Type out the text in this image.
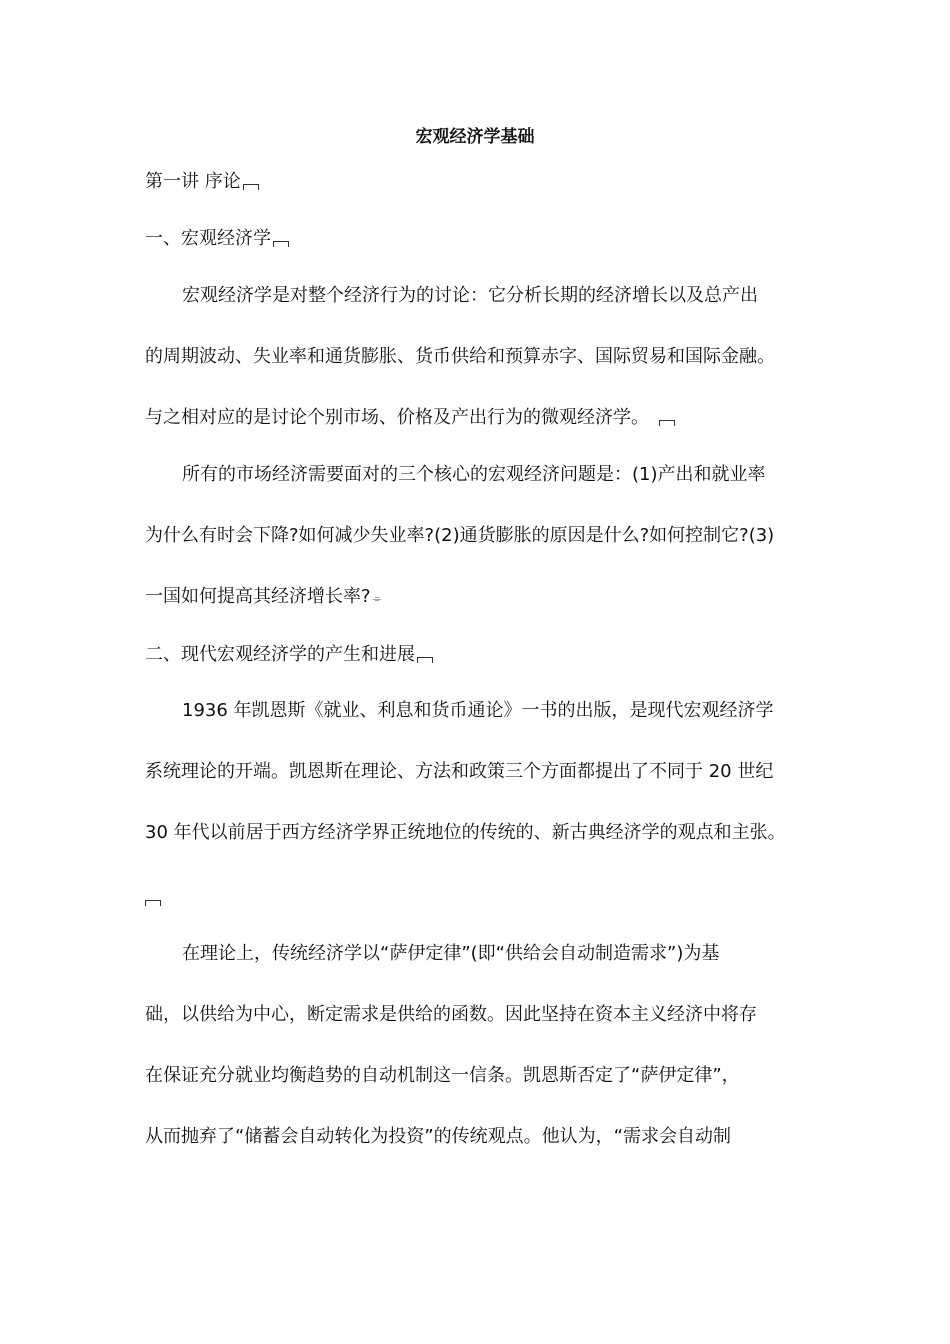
宏观经济学基础
第一讲 序论
一、宏观经济学
宏观经济学是对整个经济行为的讨论：它分析长期的经济增长以及总产出
的周期波动、失业率和通货膨胀、货币供给和预算赤字、国际贸易和国际金融。
与之相对应的是讨论个别市场、价格及产出行为的微观经济学。
所有的市场经济需要面对的三个核心的宏观经济问题是：(1)产出和就业率
为什么有时会下降?如何减少失业率?(2)通货膨胀的原因是什么?如何控制它?(3)
一国如何提高其经济增长率? ⌯
二、现代宏观经济学的产生和进展
1936 年凯恩斯《就业、利息和货币通论》一书的出版，是现代宏观经济学
系统理论的开端。凯恩斯在理论、方法和政策三个方面都提出了不同于 20 世纪
30 年代以前居于西方经济学界正统地位的传统的、新古典经济学的观点和主张。
在理论上，传统经济学以“萨伊定律”(即“供给会自动制造需求”)为基
础，以供给为中心，断定需求是供给的函数。因此坚持在资本主义经济中将存
在保证充分就业均衡趋势的自动机制这一信条。凯恩斯否定了“萨伊定律”，
从而抛弃了“储蓄会自动转化为投资”的传统观点。他认为，“需求会自动制
